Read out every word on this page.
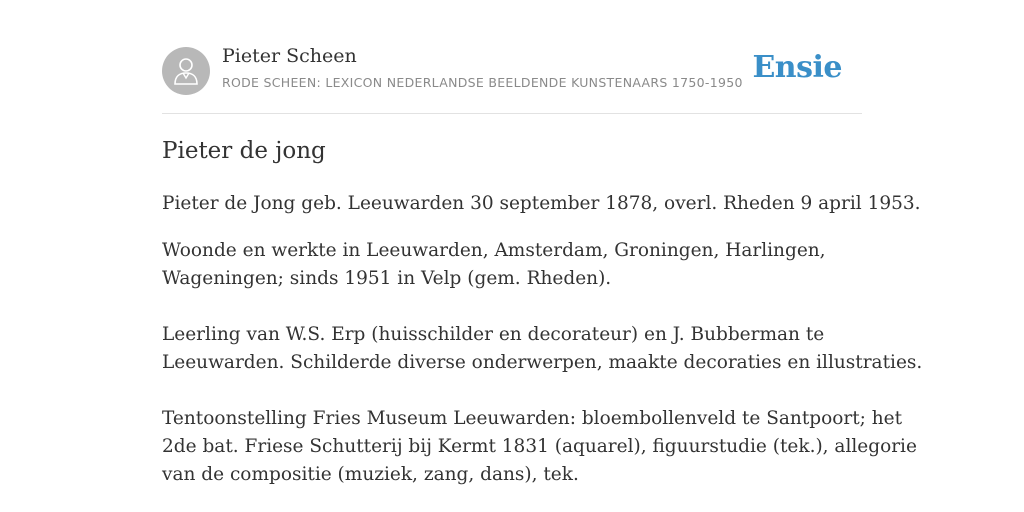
Pieter Scheen
RODE SCHEEN: LEXICON NEDERLANDSE BEELDENDE KUNSTENAARS 1750-1950 Ensie
Pieter de jong
Pieter de Jong geb. Leeuwarden 30 september 1878, overl. Rheden 9 april 1953.
Woonde en werkte in Leeuwarden, Amsterdam, Groningen, Harlingen,
Wageningen; sinds 1951 in Velp (gem. Rheden).
Leerling van W.S. Erp (huisschilder en decorateur) en J. Bubberman te
Leeuwarden. Schilderde diverse onderwerpen, maakte decoraties en illustraties.
Tentoonstelling Fries Museum Leeuwarden: bloembollenveld te Santpoort; het
2de bat. Friese Schutterij bij Kermt 1831 (aquarel), figuurstudie (tek.), allegorie
van de compositie (muziek, zang, dans), tek.
